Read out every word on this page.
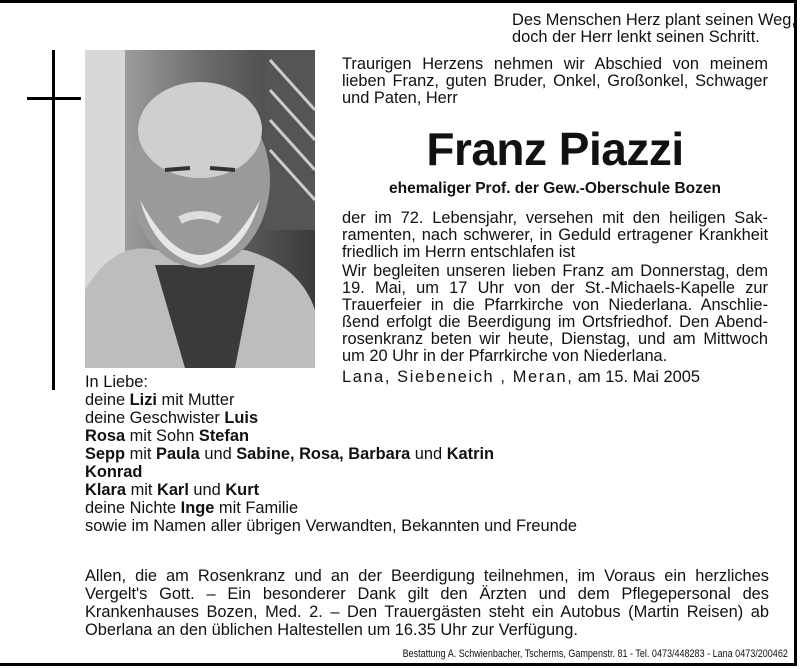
Des Menschen Herz plant seinen Weg,
doch der Herr lenkt seinen Schritt.
Traurigen Herzens nehmen wir Abschied von meinem
lieben Franz, guten Bruder, Onkel, Großonkel, Schwager
und Paten, Herr
Franz Piazzi
ehemaliger Prof. der Gew.-Oberschule Bozen
der im 72. Lebensjahr, versehen mit den heiligen Sak-
ramenten, nach schwerer, in Geduld ertragener Krankheit
friedlich im Herrn entschlafen ist
Wir begleiten unseren lieben Franz am Donnerstag, dem
19. Mai, um 17 Uhr von der St.-Michaels-Kapelle zur
Trauerfeier in die Pfarrkirche von Niederlana. Anschlie-
ßend erfolgt die Beerdigung im Ortsfriedhof. Den Abend-
rosenkranz beten wir heute, Dienstag, und am Mittwoch
um 20 Uhr in der Pfarrkirche von Niederlana.
Lana, Siebeneich , Meran, am 15. Mai 2005
In Liebe:
deine Lizi mit Mutter
deine Geschwister Luis
Rosa mit Sohn Stefan
Sepp mit Paula und Sabine, Rosa, Barbara und Katrin
Konrad
Klara mit Karl und Kurt
deine Nichte Inge mit Familie
sowie im Namen aller übrigen Verwandten, Bekannten und Freunde
Allen, die am Rosenkranz und an der Beerdigung teilnehmen, im Voraus ein herzliches
Vergelt's Gott. – Ein besonderer Dank gilt den Ärzten und dem Pflegepersonal des
Krankenhauses Bozen, Med. 2. – Den Trauergästen steht ein Autobus (Martin Reisen) ab
Oberlana an den üblichen Haltestellen um 16.35 Uhr zur Verfügung.
Bestattung A. Schwienbacher, Tscherms, Gampenstr. 81 - Tel. 0473/448283 - Lana 0473/200462
